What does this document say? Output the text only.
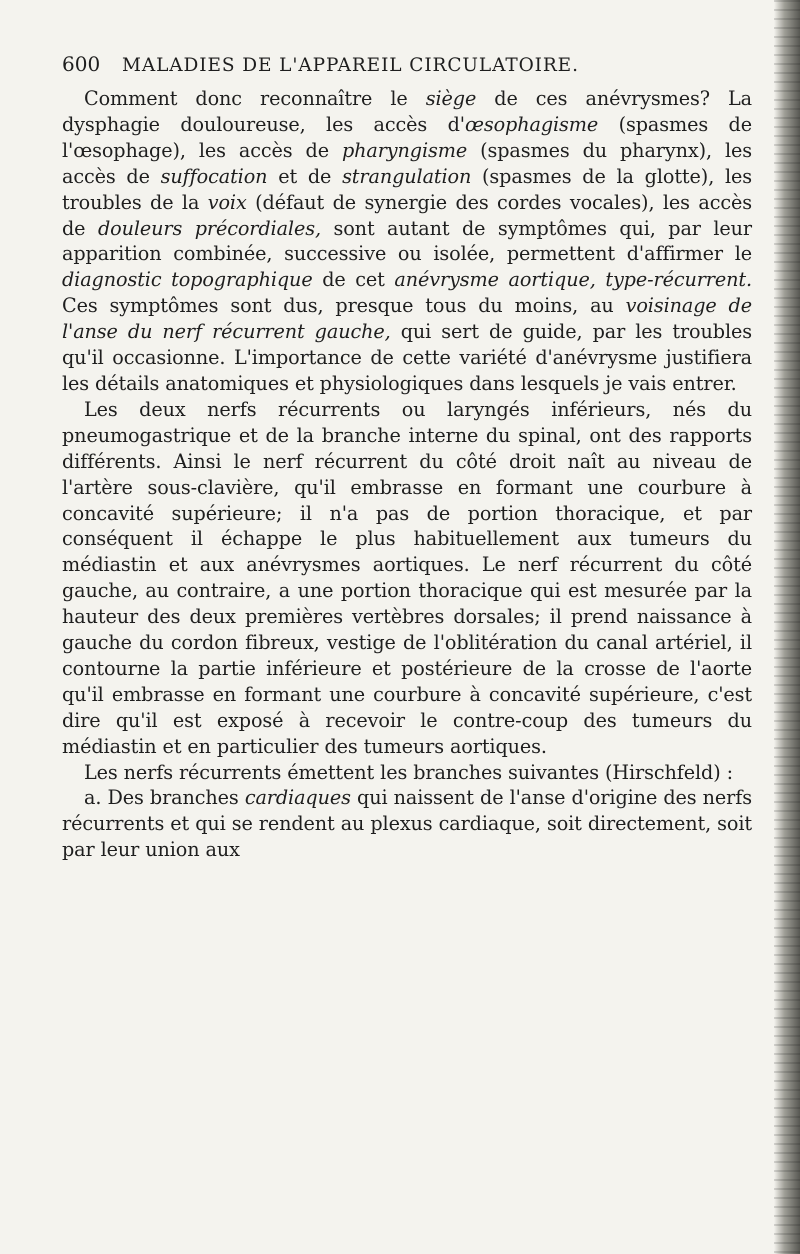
600	MALADIES DE L'APPAREIL CIRCULATOIRE.

Comment donc reconnaître le siège de ces anévrysmes? La dysphagie douloureuse, les accès d'œsophagisme (spasmes de l'œsophage), les accès de pharyngisme (spasmes du pharynx), les accès de suffocation et de strangulation (spasmes de la glotte), les troubles de la voix (défaut de synergie des cordes vocales), les accès de douleurs précordiales, sont autant de symptômes qui, par leur apparition combinée, successive ou isolée, permettent d'affirmer le diagnostic topographique de cet anévrysme aortique, type-récurrent. Ces symptômes sont dus, presque tous du moins, au voisinage de l'anse du nerf récurrent gauche, qui sert de guide, par les troubles qu'il occasionne. L'importance de cette variété d'anévrysme justifiera les détails anatomiques et physiologiques dans lesquels je vais entrer.

Les deux nerfs récurrents ou laryngés inférieurs, nés du pneumogastrique et de la branche interne du spinal, ont des rapports différents. Ainsi le nerf récurrent du côté droit naît au niveau de l'artère sous-clavière, qu'il embrasse en formant une courbure à concavité supérieure; il n'a pas de portion thoracique, et par conséquent il échappe le plus habituellement aux tumeurs du médiastin et aux anévrysmes aortiques. Le nerf récurrent du côté gauche, au contraire, a une portion thoracique qui est mesurée par la hauteur des deux premières vertèbres dorsales; il prend naissance à gauche du cordon fibreux, vestige de l'oblitération du canal artériel, il contourne la partie inférieure et postérieure de la crosse de l'aorte qu'il embrasse en formant une courbure à concavité supérieure, c'est dire qu'il est exposé à recevoir le contre-coup des tumeurs du médiastin et en particulier des tumeurs aortiques.

Les nerfs récurrents émettent les branches suivantes (Hirschfeld) :

a. Des branches cardiaques qui naissent de l'anse d'origine des nerfs récurrents et qui se rendent au plexus cardiaque, soit directement, soit par leur union aux
